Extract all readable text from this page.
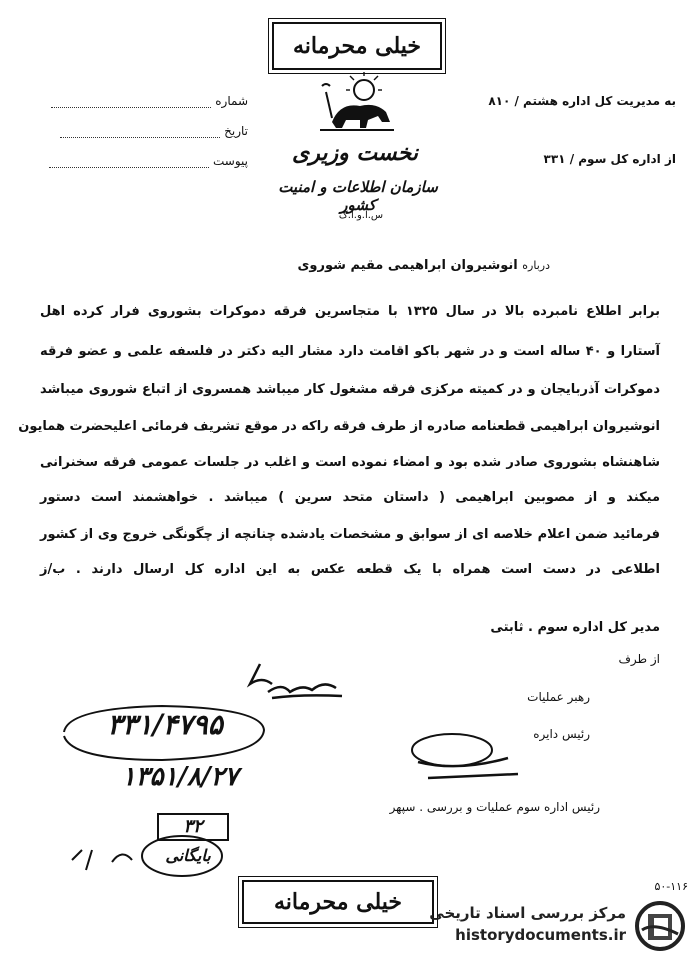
خیلی محرمانه
نخست وزیری
سازمان اطلاعات و امنیت کشور
س.ا.و.ا.ک
شماره
تاریخ
پیوست
به مدیریت کل اداره هشتم / ۸۱۰
از اداره کل سوم / ۳۳۱
درباره انوشیروان ابراهیمی مقیم شوروی
برابر اطلاع نامبرده بالا در سال ۱۳۲۵ با متجاسرین فرقه دموکرات بشوروی فرار کرده اهل
آستارا و ۴۰ ساله است و در شهر باکو اقامت دارد مشار الیه دکتر در فلسفه علمی و عضو فرقه
دموکرات آذربایجان و در کمیته مرکزی فرقه مشغول کار میباشد همسروی از اتباع شوروی میباشد
انوشیروان ابراهیمی قطعنامه صادره از طرف فرقه راکه در موقع تشریف فرمائی اعلیحضرت همایون
شاهنشاه بشوروی صادر شده بود و امضاء نموده است و اغلب در جلسات عمومی فرقه سخنرانی
میکند و از مصوبین ابراهیمی ( داستان متحد سرین ) میباشد . خواهشمند است دستور
فرمائید ضمن اعلام خلاصه ای از سوابق و مشخصات یادشده چنانچه از چگونگی خروج وی از کشور
اطلاعی در دست است همراه با یک قطعه عکس به این اداره کل ارسال دارند . ب/ز
مدیر کل اداره سوم . ثابتی
از طرف
۳۳۱/۴۷۹۵
۱۳۵۱/۸/۲۷
۳۲
بایگانی
رهبر عملیات
رئیس دایره
رئیس اداره سوم عملیات و بررسی . سپهر
خیلی محرمانه
۵۰-۱۱۶
مرکز بررسی اسناد تاریخی
historydocuments.ir
